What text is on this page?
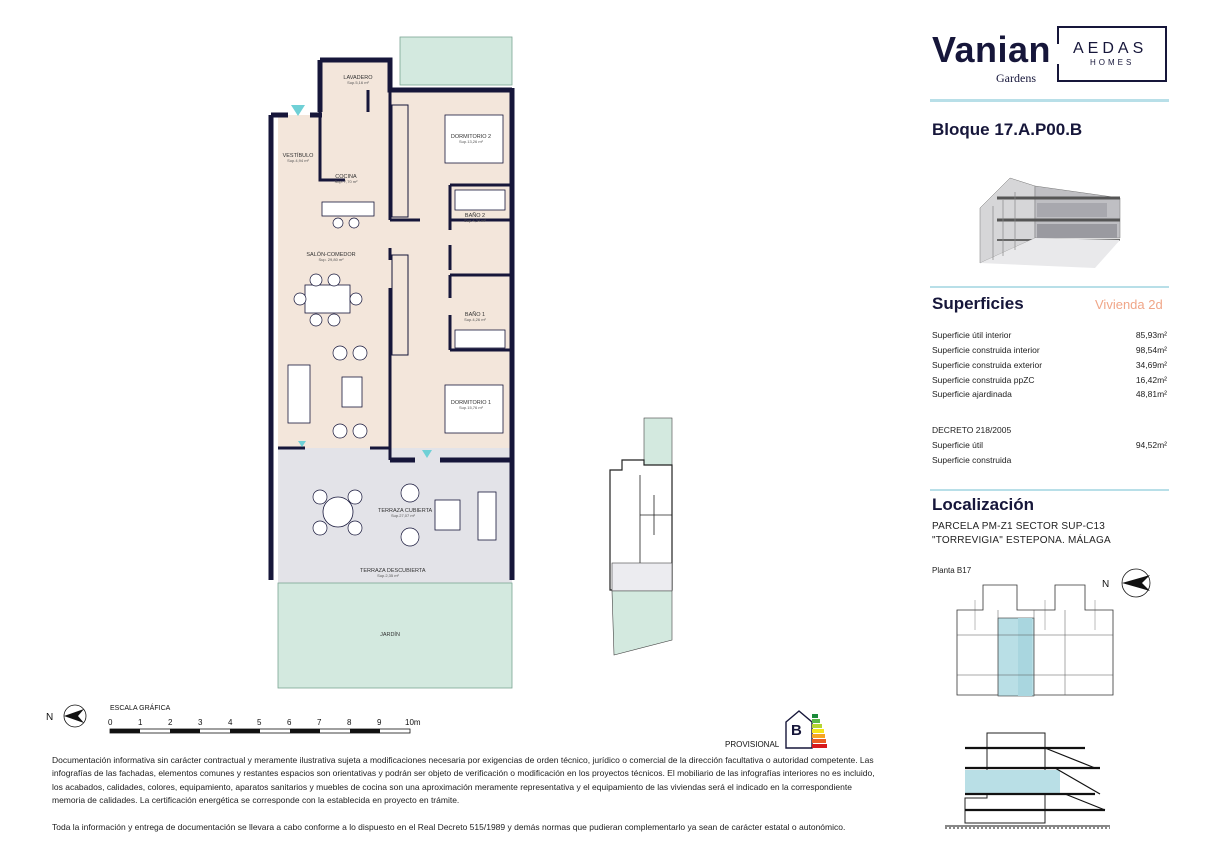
LAVADERO
Sup.5,16 m²
VESTÍBULO
Sup.4,94 m²
COCINA
Sup. 7,70 m²
DORMITORIO 2
Sup.13,26 m²
BAÑO 2
Sup.4,24 m²
SALÓN-COMEDOR
Sup. 29,80 m²
BAÑO 1
Sup.4,26 m²
DORMITORIO 1
Sup.15,76 m²
TERRAZA CUBIERTA
Sup.27,07 m²
TERRAZA DESCUBIERTA
Sup.2,35 m²
JARDÍN
N
ESCALA GRÁFICA
0	1	2	3	4	5	6	7	8	9	10m
PROVISIONAL
B

Documentación informativa sin carácter contractual y meramente ilustrativa sujeta a modificaciones necesaria por exigencias de orden técnico, jurídico o comercial de la dirección facultativa o autoridad competente. Las infografías de las fachadas, elementos comunes y restantes espacios son orientativas y podrán ser objeto de verificación o modificación en los proyectos técnicos. El mobiliario de las infografías interiores no es incluido, los acabados, calidades, colores, equipamiento, aparatos sanitarios y muebles de cocina son una aproximación meramente representativa y el equipamiento de las viviendas será el indicado en la correspondiente memoria de calidades. La certificación energética se corresponde con la establecida en proyecto en trámite.

Toda la información y entrega de documentación se llevara a cabo conforme a lo dispuesto en el Real Decreto 515/1989 y demás normas que pudieran complementarlo ya sean de carácter estatal o autonómico.

Vanian
Gardens
AEDAS
HOMES
Bloque 17.A.P00.B
Superficies	Vivienda 2d
Superficie útil interior	85,93m²
Superficie construida interior	98,54m²
Superficie construida exterior	34,69m²
Superficie construida ppZC	16,42m²
Superficie ajardinada	48,81m²
DECRETO 218/2005
Superficie útil	94,52m²
Superficie construida
Localización
PARCELA PM-Z1 SECTOR SUP-C13
"TORREVIGIA" ESTEPONA. MÁLAGA
Planta B17
N
